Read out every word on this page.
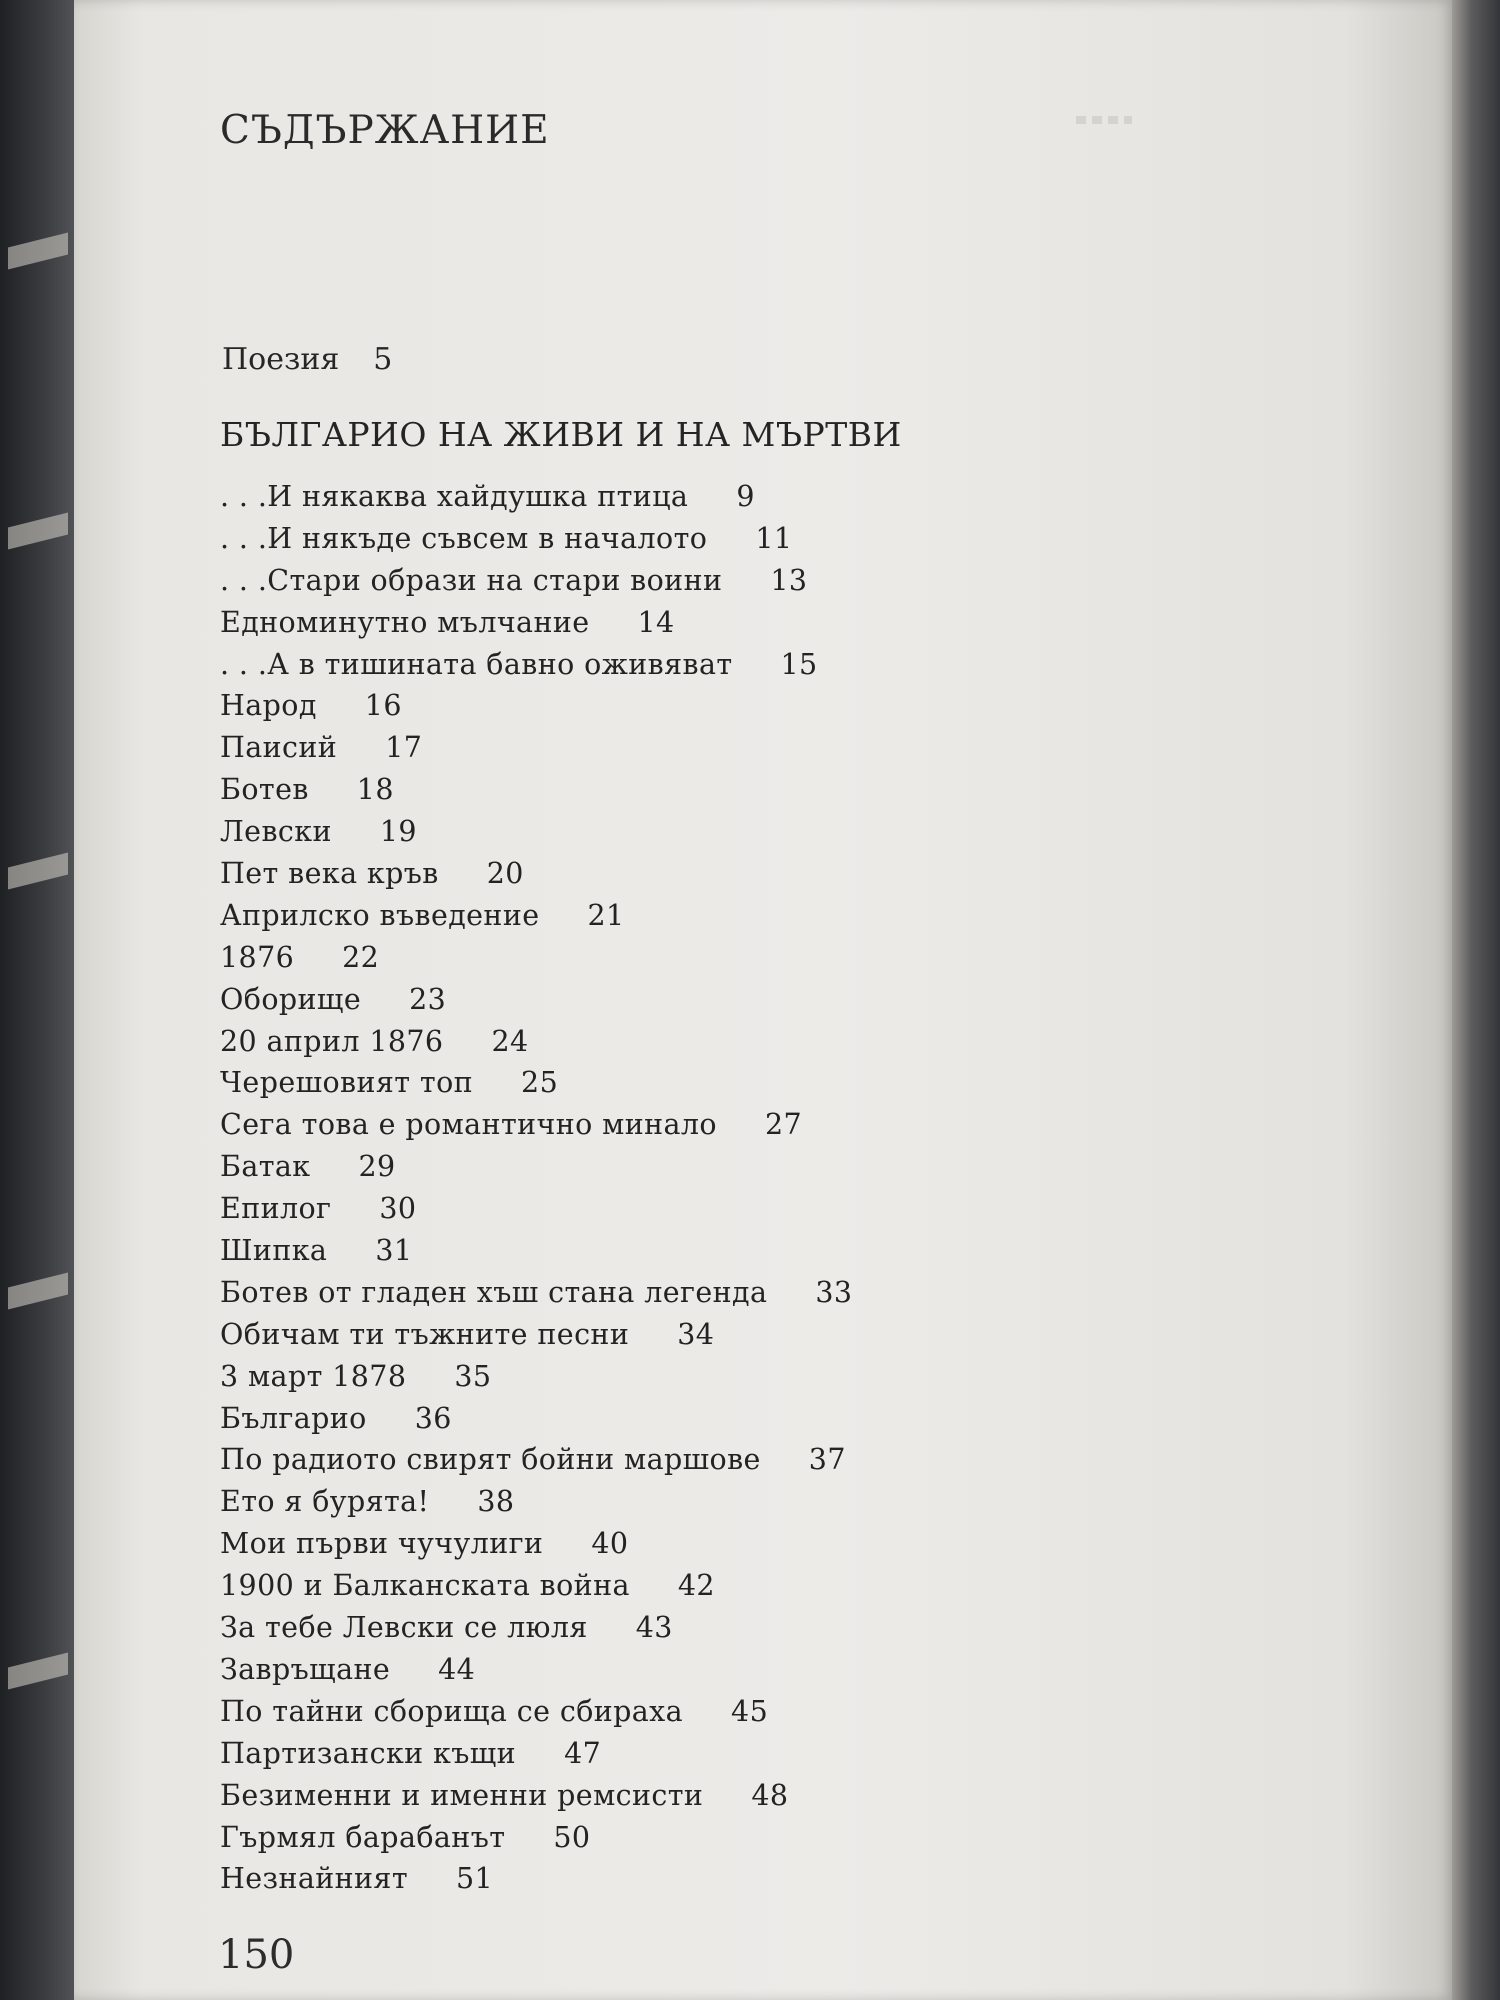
СЪДЪРЖАНИЕ
Поезия 5
БЪЛГАРИО НА ЖИВИ И НА МЪРТВИ
. . .И някаква хайдушка птица 9
. . .И някъде съвсем в началото 11
. . .Стари образи на стари воини 13
Едноминутно мълчание 14
. . .А в тишината бавно оживяват 15
Народ 16
Паисий 17
Ботев 18
Левски 19
Пет века кръв 20
Априлско въведение 21
1876 22
Оборище 23
20 април 1876 24
Черешовият топ 25
Сега това е романтично минало 27
Батак 29
Епилог 30
Шипка 31
Ботев от гладен хъш стана легенда 33
Обичам ти тъжните песни 34
3 март 1878 35
Българио 36
По радиото свирят бойни маршове 37
Ето я бурята! 38
Мои първи чучулиги 40
1900 и Балканската война 42
За тебе Левски се люля 43
Завръщане 44
По тайни сборища се сбираха 45
Партизански къщи 47
Безименни и именни ремсисти 48
Гърмял барабанът 50
Незнайният 51
150
